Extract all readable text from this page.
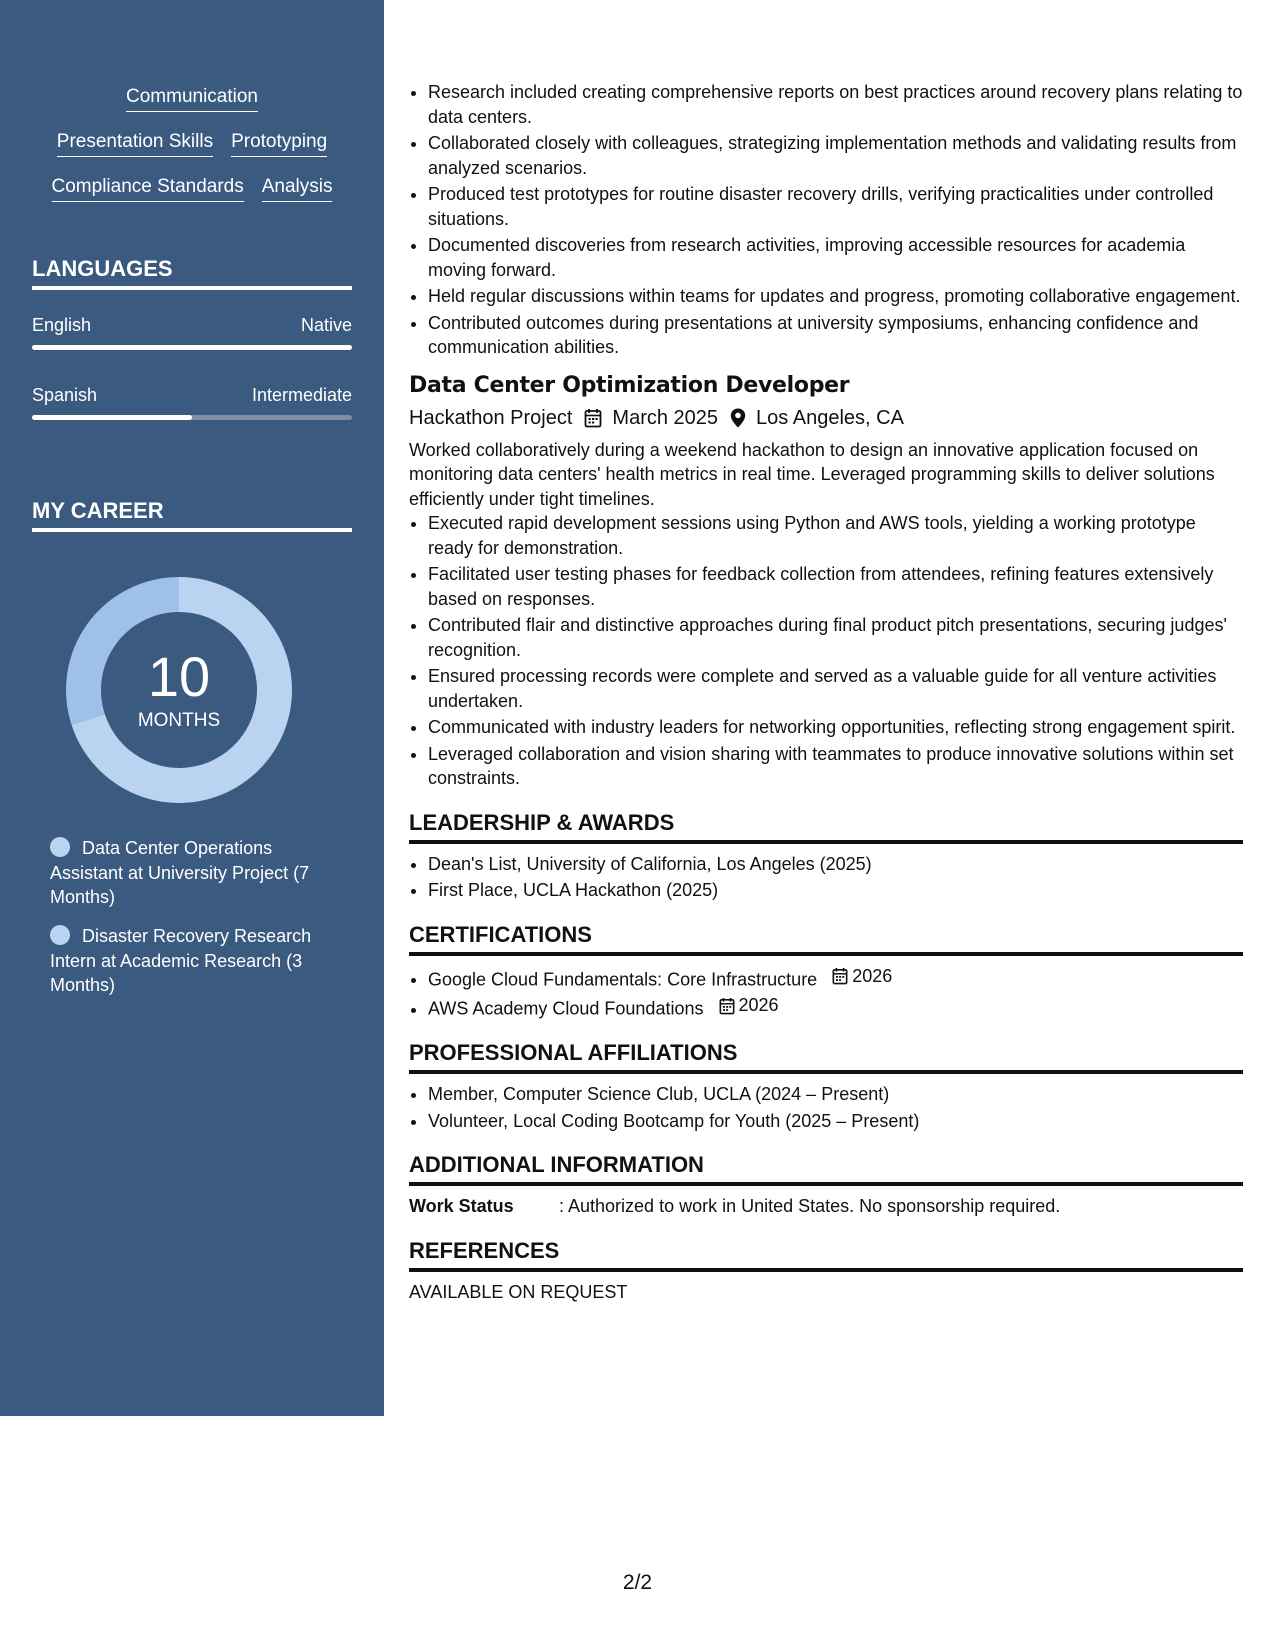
Communication
Presentation Skills Prototyping
Compliance Standards Analysis
LANGUAGES
English	Native
Spanish	Intermediate
MY CAREER
10
MONTHS
Data Center Operations Assistant at University Project (7 Months)
Disaster Recovery Research Intern at Academic Research (3 Months)
• Research included creating comprehensive reports on best practices around recovery plans relating to data centers.
• Collaborated closely with colleagues, strategizing implementation methods and validating results from analyzed scenarios.
• Produced test prototypes for routine disaster recovery drills, verifying practicalities under controlled situations.
• Documented discoveries from research activities, improving accessible resources for academia moving forward.
• Held regular discussions within teams for updates and progress, promoting collaborative engagement.
• Contributed outcomes during presentations at university symposiums, enhancing confidence and communication abilities.
Data Center Optimization Developer
Hackathon Project March 2025 Los Angeles, CA
Worked collaboratively during a weekend hackathon to design an innovative application focused on monitoring data centers' health metrics in real time. Leveraged programming skills to deliver solutions efficiently under tight timelines.
• Executed rapid development sessions using Python and AWS tools, yielding a working prototype ready for demonstration.
• Facilitated user testing phases for feedback collection from attendees, refining features extensively based on responses.
• Contributed flair and distinctive approaches during final product pitch presentations, securing judges' recognition.
• Ensured processing records were complete and served as a valuable guide for all venture activities undertaken.
• Communicated with industry leaders for networking opportunities, reflecting strong engagement spirit.
• Leveraged collaboration and vision sharing with teammates to produce innovative solutions within set constraints.
LEADERSHIP & AWARDS
• Dean's List, University of California, Los Angeles (2025)
• First Place, UCLA Hackathon (2025)
CERTIFICATIONS
• Google Cloud Fundamentals: Core Infrastructure 2026
• AWS Academy Cloud Foundations 2026
PROFESSIONAL AFFILIATIONS
• Member, Computer Science Club, UCLA (2024 – Present)
• Volunteer, Local Coding Bootcamp for Youth (2025 – Present)
ADDITIONAL INFORMATION
Work Status	: Authorized to work in United States. No sponsorship required.
REFERENCES
AVAILABLE ON REQUEST
2/2
